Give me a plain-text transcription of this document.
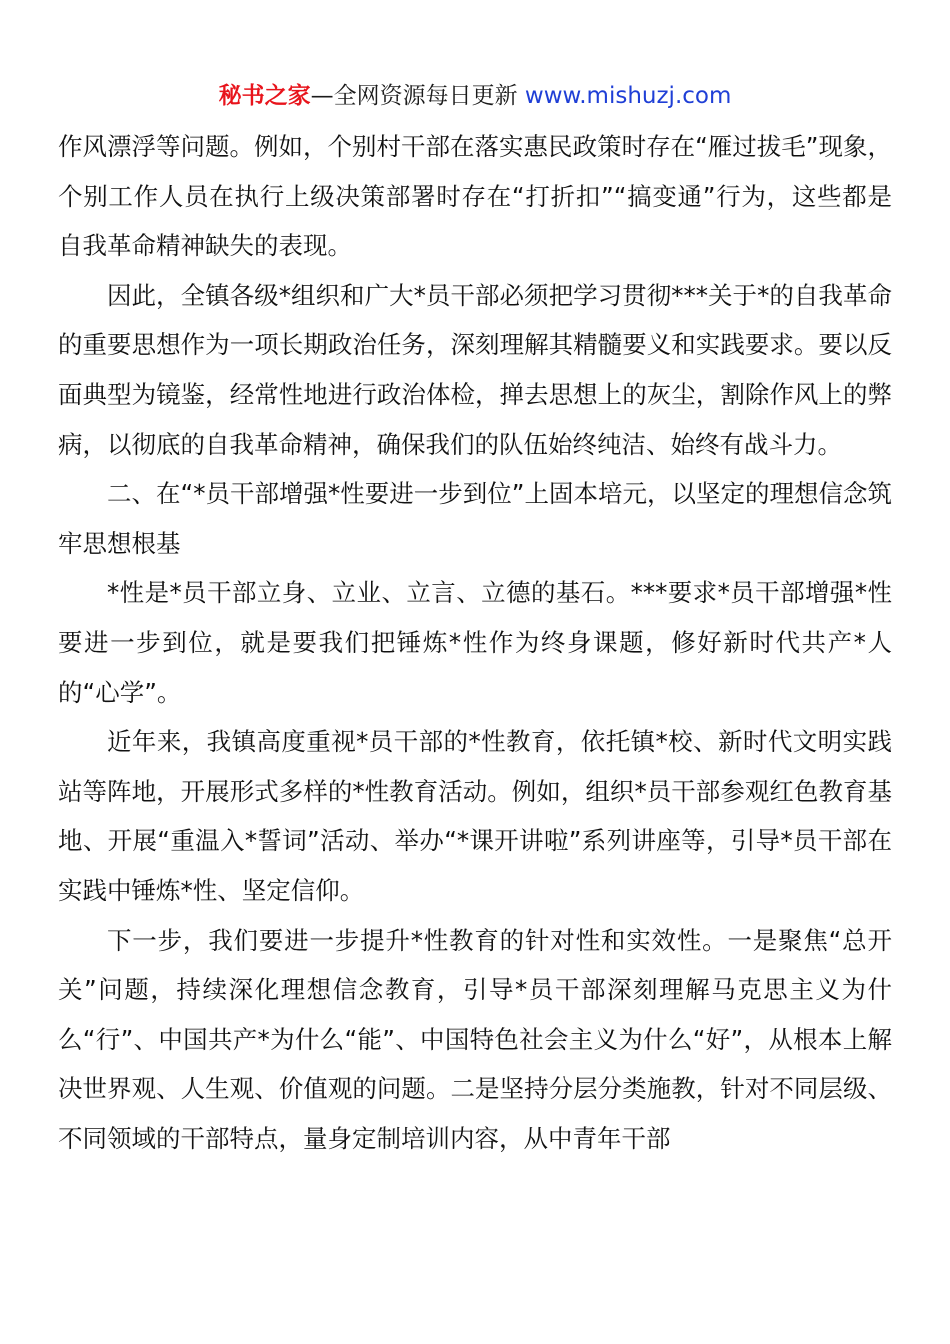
秘书之家—全网资源每日更新 www.mishuzj.com

作风漂浮等问题。例如，个别村干部在落实惠民政策时存在“雁过拔毛”现象，个别工作人员在执行上级决策部署时存在“打折扣”“搞变通”行为，这些都是自我革命精神缺失的表现。

因此，全镇各级*组织和广大*员干部必须把学习贯彻***关于*的自我革命的重要思想作为一项长期政治任务，深刻理解其精髓要义和实践要求。要以反面典型为镜鉴，经常性地进行政治体检，掸去思想上的灰尘，割除作风上的弊病，以彻底的自我革命精神，确保我们的队伍始终纯洁、始终有战斗力。

二、在“*员干部增强*性要进一步到位”上固本培元，以坚定的理想信念筑牢思想根基

*性是*员干部立身、立业、立言、立德的基石。***要求*员干部增强*性要进一步到位，就是要我们把锤炼*性作为终身课题，修好新时代共产*人的“心学”。

近年来，我镇高度重视*员干部的*性教育，依托镇*校、新时代文明实践站等阵地，开展形式多样的*性教育活动。例如，组织*员干部参观红色教育基地、开展“重温入*誓词”活动、举办“*课开讲啦”系列讲座等，引导*员干部在实践中锤炼*性、坚定信仰。

下一步，我们要进一步提升*性教育的针对性和实效性。一是聚焦“总开关”问题，持续深化理想信念教育，引导*员干部深刻理解马克思主义为什么“行”、中国共产*为什么“能”、中国特色社会主义为什么“好”，从根本上解决世界观、人生观、价值观的问题。二是坚持分层分类施教，针对不同层级、不同领域的干部特点，量身定制培训内容，从中青年干部
